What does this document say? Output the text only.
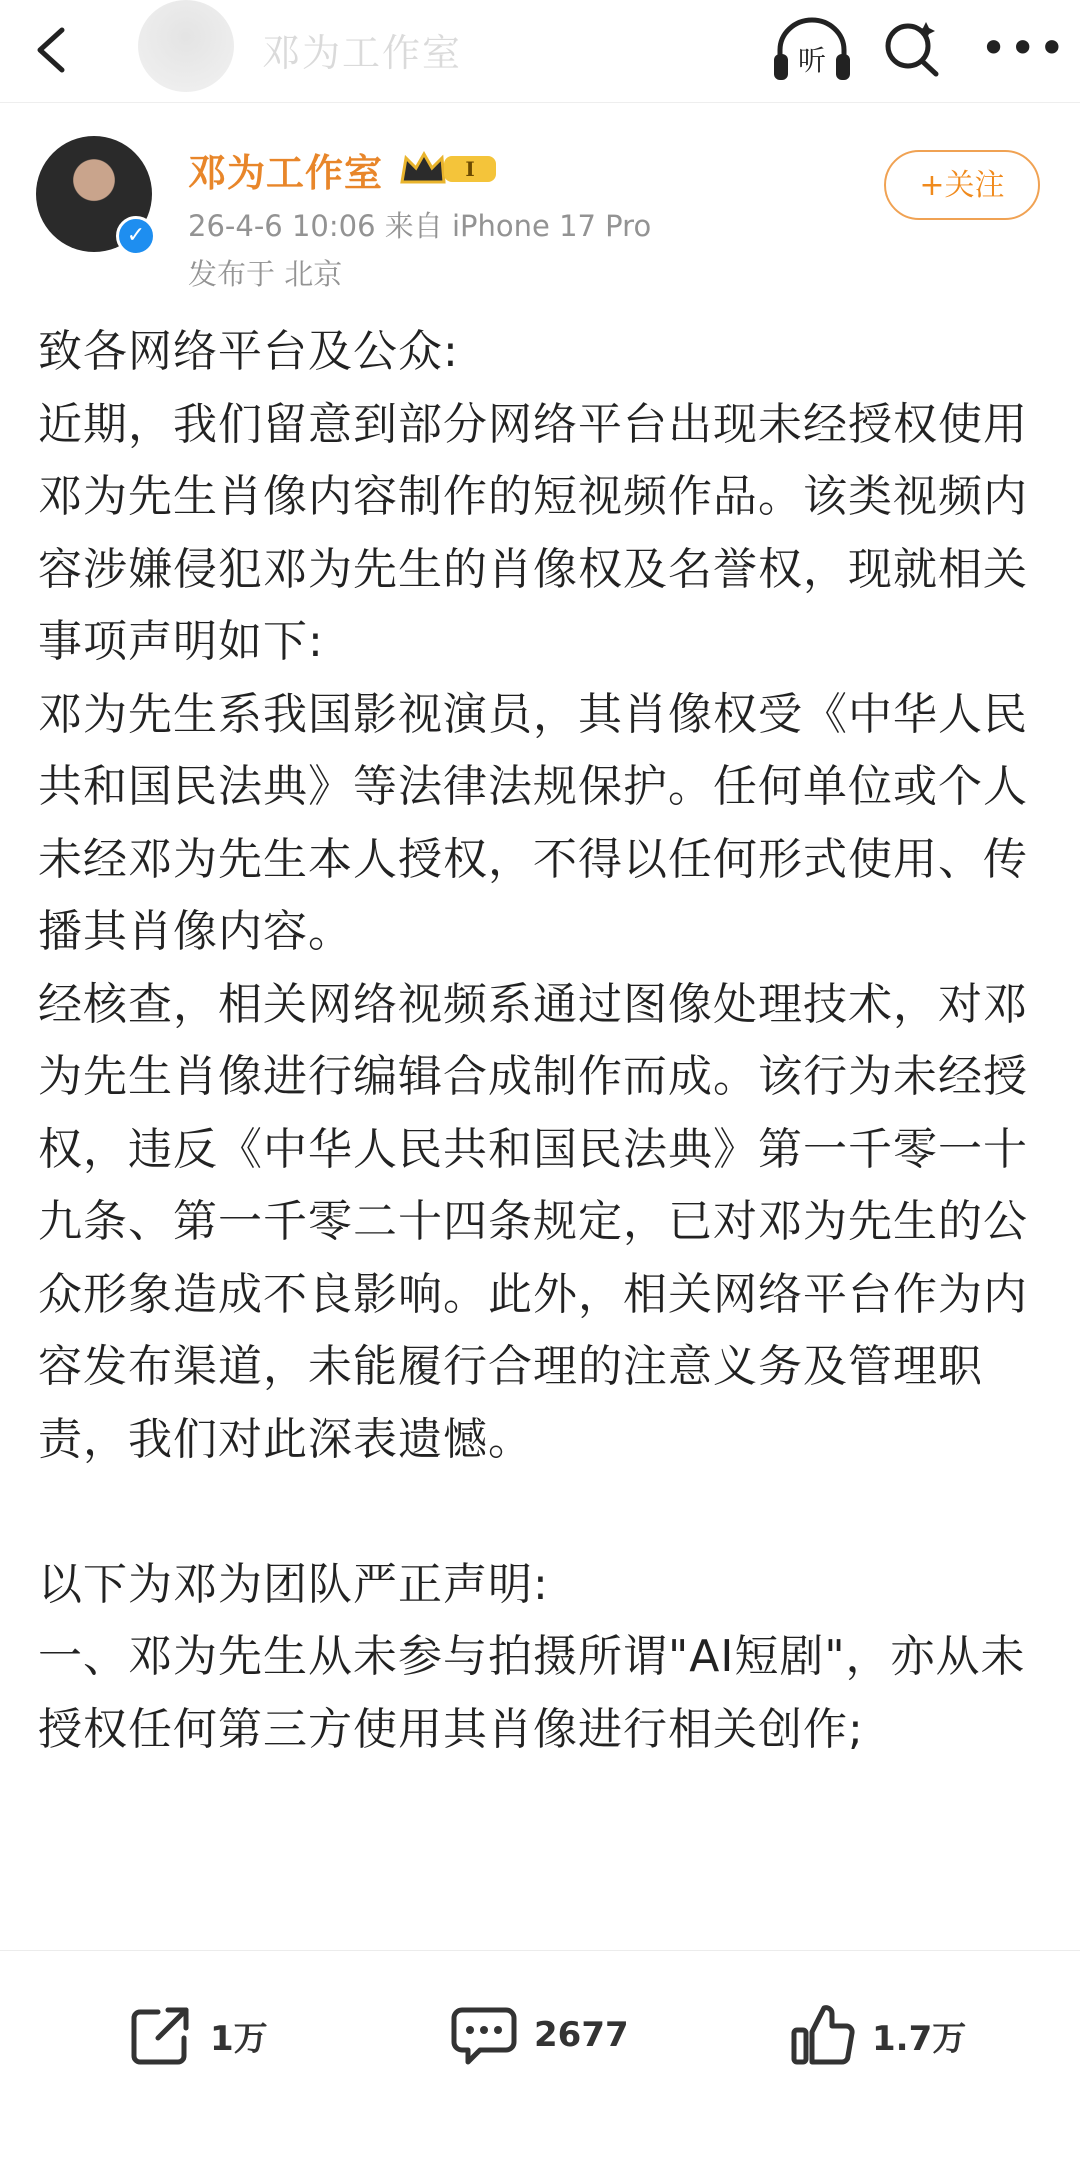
邓为工作室	听	•••
✓
邓为工作室	I
26-4-6 10:06 来自 iPhone 17 Pro
发布于 北京
+关注

致各网络平台及公众:

近期，我们留意到部分网络平台出现未经授权使用邓为先生肖像内容制作的短视频作品。该类视频内容涉嫌侵犯邓为先生的肖像权及名誉权，现就相关事项声明如下:

邓为先生系我国影视演员，其肖像权受《中华人民共和国民法典》等法律法规保护。任何单位或个人未经邓为先生本人授权，不得以任何形式使用、传播其肖像内容。

经核查，相关网络视频系通过图像处理技术，对邓为先生肖像进行编辑合成制作而成。该行为未经授权，违反《中华人民共和国民法典》第一千零一十九条、第一千零二十四条规定，已对邓为先生的公众形象造成不良影响。此外，相关网络平台作为内容发布渠道，未能履行合理的注意义务及管理职责，我们对此深表遗憾。

以下为邓为团队严正声明:

一、邓为先生从未参与拍摄所谓"AI短剧"，亦从未授权任何第三方使用其肖像进行相关创作;

1万	2677	1.7万
